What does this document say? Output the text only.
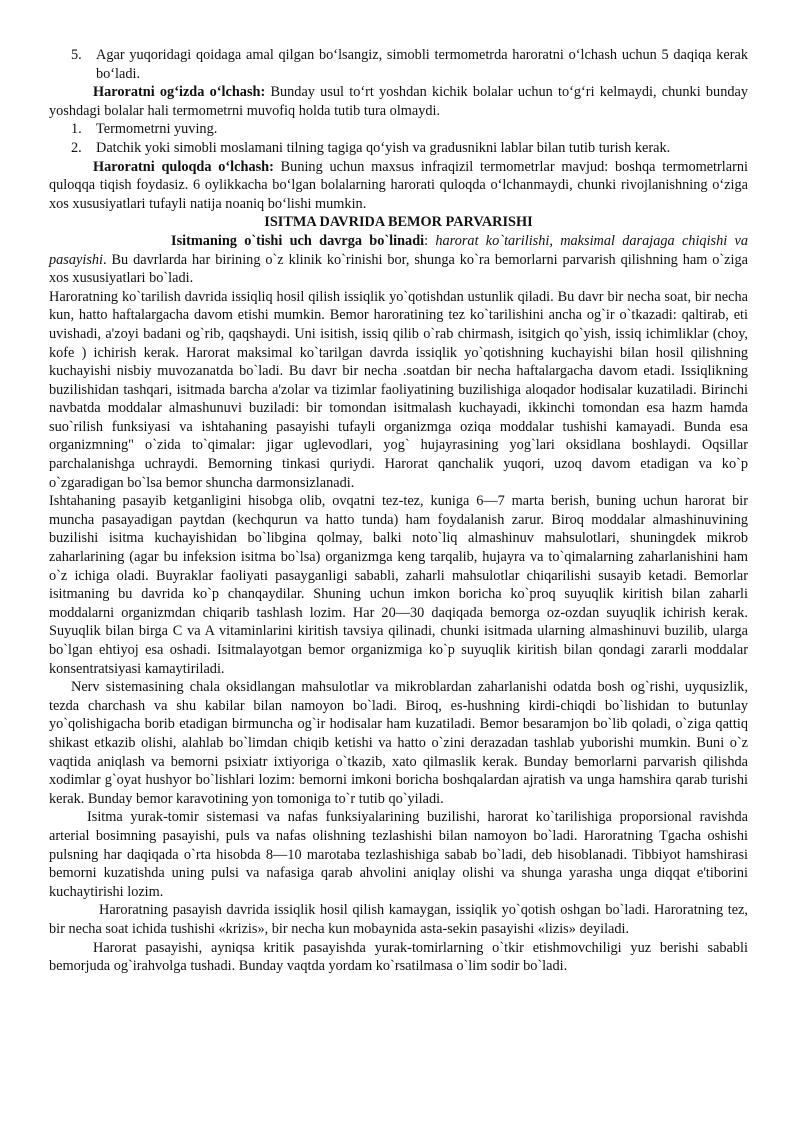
5. Agar yuqoridagi qoidaga amal qilgan bo‘lsangiz, simobli termometrda haroratni o‘lchash uchun 5 daqiqa kerak bo‘ladi.

Haroratni og‘izda o‘lchash: Bunday usul to‘rt yoshdan kichik bolalar uchun to‘g‘ri kelmaydi, chunki bunday yoshdagi bolalar hali termometrni muvofiq holda tutib tura olmaydi.

1. Termometrni yuving.
2. Datchik yoki simobli moslamani tilning tagiga qo‘yish va gradusnikni lablar bilan tutib turish kerak.

Haroratni quloqda o‘lchash: Buning uchun maxsus infraqizil termometrlar mavjud: boshqa termometrlarni quloqqa tiqish foydasiz. 6 oylikkacha bo‘lgan bolalarning harorati quloqda o‘lchanmaydi, chunki rivojlanishning o‘ziga xos xususiyatlari tufayli natija noaniq bo‘lishi mumkin.

ISITMA DAVRIDA BEMOR PARVARISHI

Isitmaning o`tishi uch davrga bo`linadi: harorat ko`tarilishi, maksimal darajaga chiqishi va pasayishi. Bu davrlarda har birining o`z klinik ko`rinishi bor, shunga ko`ra bemorlarni parvarish qilishning ham o`ziga xos xususiyatlari bo`ladi.

Haroratning ko`tarilish davrida issiqliq hosil qilish issiqlik yo`qotishdan ustunlik qiladi. Bu davr bir necha soat, bir necha kun, hatto haftalargacha davom etishi mumkin. Bemor haroratining tez ko`tarilishini ancha og`ir o`tkazadi: qaltirab, eti uvishadi, a'zoyi badani og`rib, qaqshaydi. Uni isitish, issiq qilib o`rab chirmash, isitgich qo`yish, issiq ichimliklar (choy, kofe ) ichirish kerak. Harorat maksimal ko`tarilgan davrda issiqlik yo`qotishning kuchayishi bilan hosil qilishning kuchayishi nisbiy muvozanatda bo`ladi. Bu davr bir necha .soatdan bir necha haftalargacha davom etadi. Issiqlikning buzilishidan tashqari, isitmada barcha a'zolar va tizimlar faoliyatining buzilishiga aloqador hodisalar kuzatiladi. Birinchi navbatda moddalar almashunuvi buziladi: bir tomondan isitmalash kuchayadi, ikkinchi tomondan esa hazm hamda suo`rilish funksiyasi va ishtahaning pasayishi tufayli organizmga oziqa moddalar tushishi kamayadi. Bunda esa organizmning" o`zida to`qimalar: jigar uglevodlari, yog` hujayrasining yog`lari oksidlana boshlaydi. Oqsillar parchalanishga uchraydi. Bemorning tinkasi quriydi. Harorat qanchalik yuqori, uzoq davom etadigan va ko`p o`zgaradigan bo`lsa bemor shuncha darmonsizlanadi.

Ishtahaning pasayib ketganligini hisobga olib, ovqatni tez-tez, kuniga 6—7 marta berish, buning uchun harorat bir muncha pasayadigan paytdan (kechqurun va hatto tunda) ham foydalanish zarur. Biroq moddalar almashinuvining buzilishi isitma kuchayishidan bo`libgina qolmay, balki noto`liq almashinuv mahsulotlari, shuningdek mikrob zaharlarining (agar bu infeksion isitma bo`lsa) organizmga keng tarqalib, hujayra va to`qimalarning zaharlanishini ham o`z ichiga oladi. Buyraklar faoliyati pasayganligi sababli, zaharli mahsulotlar chiqarilishi susayib ketadi. Bemorlar isitmaning bu davrida ko`p chanqaydilar. Shuning uchun imkon boricha ko`proq suyuqlik kiritish bilan zaharli moddalarni organizmdan chiqarib tashlash lozim. Har 20—30 daqiqada bemorga oz-ozdan suyuqlik ichirish kerak. Suyuqlik bilan birga C va A vitaminlarini kiritish tavsiya qilinadi, chunki isitmada ularning almashinuvi buzilib, ularga bo`lgan ehtiyoj esa oshadi. Isitmalayotgan bemor organizmiga ko`p suyuqlik kiritish bilan qondagi zararli moddalar konsentratsiyasi kamaytiriladi.

Nerv sistemasining chala oksidlangan mahsulotlar va mikroblardan zaharlanishi odatda bosh og`rishi, uyqusizlik, tezda charchash va shu kabilar bilan namoyon bo`ladi. Biroq, es-hushning kirdi-chiqdi bo`lishidan to butunlay yo`qolishigacha borib etadigan birmuncha og`ir hodisalar ham kuzatiladi. Bemor besaramjon bo`lib qoladi, o`ziga qattiq shikast etkazib olishi, alahlab bo`limdan chiqib ketishi va hatto o`zini derazadan tashlab yuborishi mumkin. Buni o`z vaqtida aniqlash va bemorni psixiatr ixtiyoriga o`tkazib, xato qilmaslik kerak. Bunday bemorlarni parvarish qilishda xodimlar g`oyat hushyor bo`lishlari lozim: bemorni imkoni boricha boshqalardan ajratish va unga hamshira qarab turishi kerak. Bunday bemor karavotining yon tomoniga to`r tutib qo`yiladi.

Isitma yurak-tomir sistemasi va nafas funksiyalarining buzilishi, harorat ko`tarilishiga proporsional ravishda arterial bosimning pasayishi, puls va nafas olishning tezlashishi bilan namoyon bo`ladi. Haroratning Tgacha oshishi pulsning har daqiqada o`rta hisobda 8—10 marotaba tezlashishiga sabab bo`ladi, deb hisoblanadi. Tibbiyot hamshirasi bemorni kuzatishda uning pulsi va nafasiga qarab ahvolini aniqlay olishi va shunga yarasha unga diqqat e'tiborini kuchaytirishi lozim.

Haroratning pasayish davrida issiqlik hosil qilish kamaygan, issiqlik yo`qotish oshgan bo`ladi. Haroratning tez, bir necha soat ichida tushishi «krizis», bir necha kun mobaynida asta-sekin pasayishi «lizis» deyiladi.

Harorat pasayishi, ayniqsa kritik pasayishda yurak-tomirlarning o`tkir etishmovchiligi yuz berishi sababli bemorjuda og`irahvolga tushadi. Bunday vaqtda yordam ko`rsatilmasa o`lim sodir bo`ladi.
